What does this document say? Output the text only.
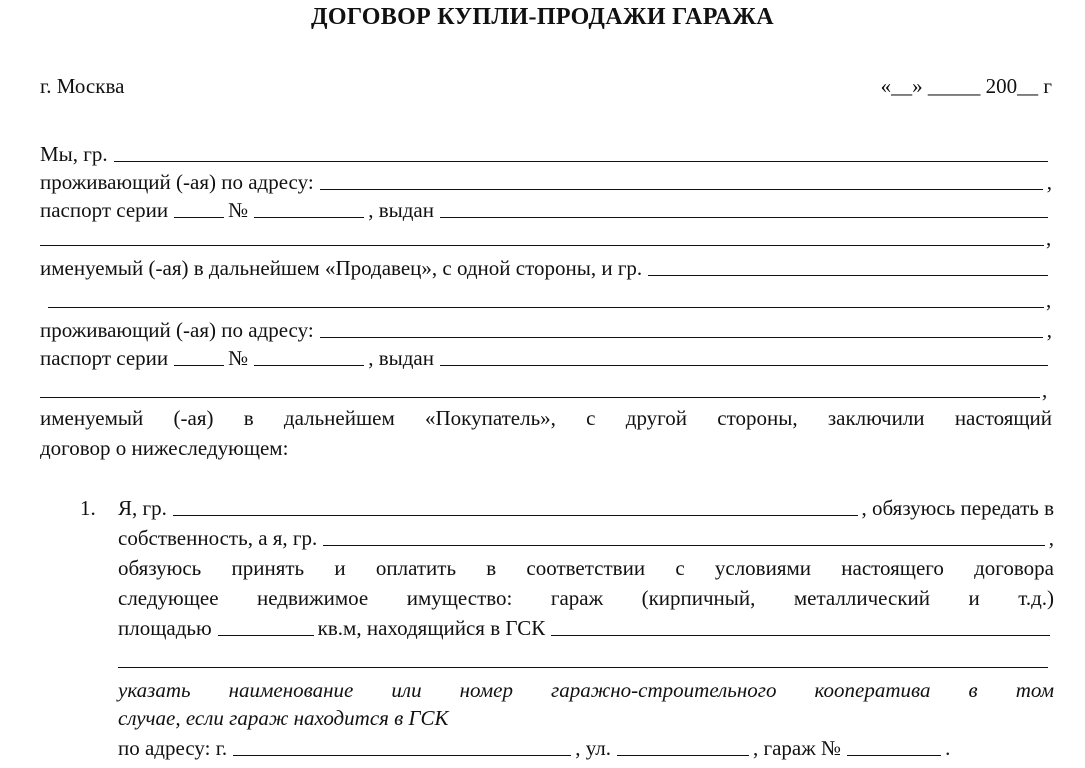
ДОГОВОР КУПЛИ-ПРОДАЖИ ГАРАЖА
г. Москва	«__» _____ 200__ г
Мы, гр.
проживающий (-ая) по адресу:	,
паспорт серии	№	, выдан
,
именуемый (-ая) в дальнейшем «Продавец», с одной стороны, и гр.
,
проживающий (-ая) по адресу:	,
паспорт серии	№	, выдан
,
именуемый (-ая) в дальнейшем «Покупатель», с другой стороны, заключили настоящий
договор о нижеследующем:
1. Я, гр.	, обязуюсь передать в
собственность, а я, гр.	,
обязуюсь принять и оплатить в соответствии с условиями настоящего договора
следующее недвижимое имущество: гараж (кирпичный, металлический и т.д.)
площадью	кв.м, находящийся в ГСК
указать наименование или номер гаражно-строительного кооператива в том
случае, если гараж находится в ГСК
по адресу: г.	, ул.	, гараж №	.
